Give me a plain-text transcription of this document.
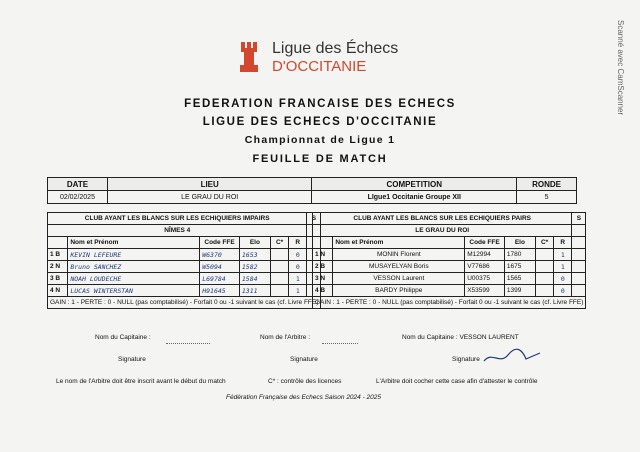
Ligue des Échecs
D'OCCITANIE	Scanné avec CamScanner
FEDERATION FRANCAISE DES ECHECS
LIGUE DES ECHECS D'OCCITANIE
Championnat de Ligue 1
FEUILLE DE MATCH
DATE	LIEU	COMPETITION	RONDE
02/02/2025	LE GRAU DU ROI	LIgue1 Occitanie Groupe XII	5
CLUB AYANT LES BLANCS SUR LES ECHIQUIERS IMPAIRS						S
NÎMES 4						
	Nom et Prénom	Code FFE	Elo	C*	R	
1 B	KEVIN LEFEURE	W6370	1653		0	
2 N	Bruno SANCHEZ	W5094	1582		0	
3 B	NOAH LOUDECHE	L69784	1584		1	
4 N	LUCAS WINTERSTAN	H91645	1311		1	
GAIN : 1 - PERTE : 0 - NULL (pas comptabilisé) - Forfait 0 ou -1 suivant le cas (cf. Livre FFE)						
CLUB AYANT LES BLANCS SUR LES ECHIQUIERS PAIRS						S
LE GRAU DU ROI						
	Nom et Prénom	Code FFE	Elo	C*	R	
1 N	MONIN Florent	M12994	1780		1	
2 B	MUSAYELYAN Boris	V77686	1675		1	
3 N	VESSON Laurent	U00375	1565		0	
4 B	BARDY Philippe	X53599	1399		0	
GAIN : 1 - PERTE : 0 - NULL (pas comptabilisé) - Forfait 0 ou -1 suivant le cas (cf. Livre FFE)						
Nom du Capitaine :	Nom de l'Arbitre :	Nom du Capitaine : VESSON LAURENT
Signature	Signature	Signature
Le nom de l'Arbitre doit être inscrit avant le début du match	C* : contrôle des licences	L'Arbitre doit cocher cette case afin d'attester le contrôle
Fédération Française des Echecs Saison 2024 - 2025
